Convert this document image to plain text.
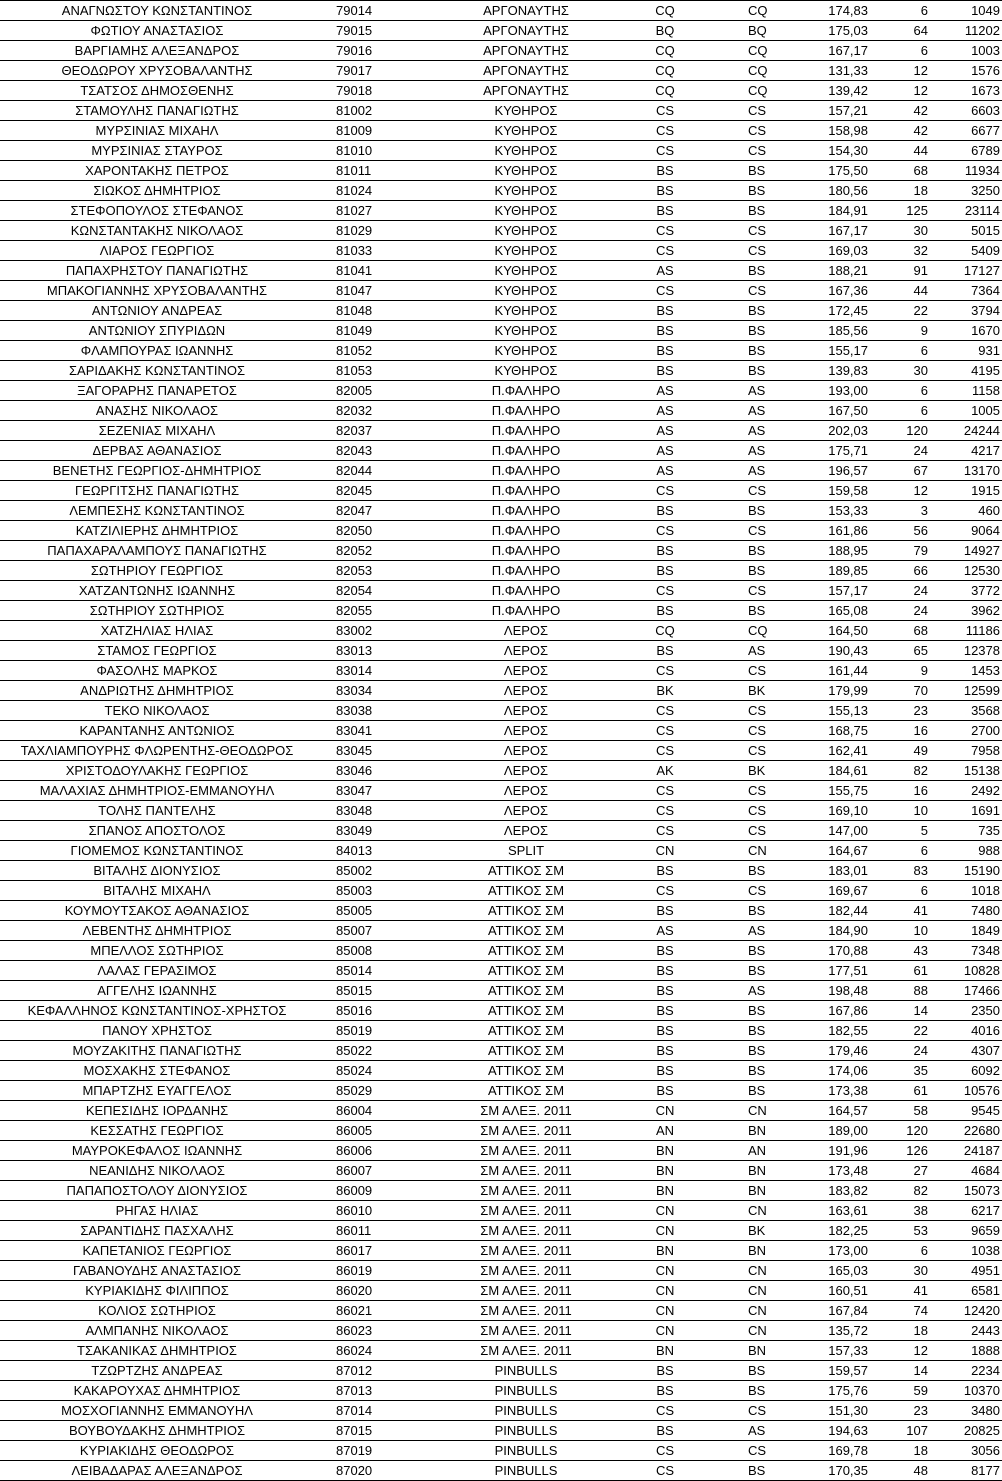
ΑΝΑΓΝΩΣΤΟΥ ΚΩΝΣΤΑΝΤΙΝΟΣ	79014	ΑΡΓΟΝΑΥΤΗΣ	CQ	CQ	174,83	6	1049
ΦΩΤΙΟΥ ΑΝΑΣΤΑΣΙΟΣ	79015	ΑΡΓΟΝΑΥΤΗΣ	BQ	BQ	175,03	64	11202
ΒΑΡΓΙΑΜΗΣ ΑΛΕΞΑΝΔΡΟΣ	79016	ΑΡΓΟΝΑΥΤΗΣ	CQ	CQ	167,17	6	1003
ΘΕΟΔΩΡΟΥ ΧΡΥΣΟΒΑΛΑΝΤΗΣ	79017	ΑΡΓΟΝΑΥΤΗΣ	CQ	CQ	131,33	12	1576
ΤΣΑΤΣΟΣ ΔΗΜΟΣΘΕΝΗΣ	79018	ΑΡΓΟΝΑΥΤΗΣ	CQ	CQ	139,42	12	1673
ΣΤΑΜΟΥΛΗΣ ΠΑΝΑΓΙΩΤΗΣ	81002	ΚΥΘΗΡΟΣ	CS	CS	157,21	42	6603
ΜΥΡΣΙΝΙΑΣ ΜΙΧΑΗΛ	81009	ΚΥΘΗΡΟΣ	CS	CS	158,98	42	6677
ΜΥΡΣΙΝΙΑΣ ΣΤΑΥΡΟΣ	81010	ΚΥΘΗΡΟΣ	CS	CS	154,30	44	6789
ΧΑΡΟΝΤΑΚΗΣ ΠΕΤΡΟΣ	81011	ΚΥΘΗΡΟΣ	BS	BS	175,50	68	11934
ΣΙΩΚΟΣ ΔΗΜΗΤΡΙΟΣ	81024	ΚΥΘΗΡΟΣ	BS	BS	180,56	18	3250
ΣΤΕΦΟΠΟΥΛΟΣ ΣΤΕΦΑΝΟΣ	81027	ΚΥΘΗΡΟΣ	BS	BS	184,91	125	23114
ΚΩΝΣΤΑΝΤΑΚΗΣ ΝΙΚΟΛΑΟΣ	81029	ΚΥΘΗΡΟΣ	CS	CS	167,17	30	5015
ΛΙΑΡΟΣ ΓΕΩΡΓΙΟΣ	81033	ΚΥΘΗΡΟΣ	CS	CS	169,03	32	5409
ΠΑΠΑΧΡΗΣΤΟΥ ΠΑΝΑΓΙΩΤΗΣ	81041	ΚΥΘΗΡΟΣ	AS	BS	188,21	91	17127
ΜΠΑΚΟΓΙΑΝΝΗΣ ΧΡΥΣΟΒΑΛΑΝΤΗΣ	81047	ΚΥΘΗΡΟΣ	CS	CS	167,36	44	7364
ΑΝΤΩΝΙΟΥ ΑΝΔΡΕΑΣ	81048	ΚΥΘΗΡΟΣ	BS	BS	172,45	22	3794
ΑΝΤΩΝΙΟΥ ΣΠΥΡΙΔΩΝ	81049	ΚΥΘΗΡΟΣ	BS	BS	185,56	9	1670
ΦΛΑΜΠΟΥΡΑΣ ΙΩΑΝΝΗΣ	81052	ΚΥΘΗΡΟΣ	BS	BS	155,17	6	931
ΣΑΡΙΔΑΚΗΣ ΚΩΝΣΤΑΝΤΙΝΟΣ	81053	ΚΥΘΗΡΟΣ	BS	BS	139,83	30	4195
ΞΑΓΟΡΑΡΗΣ ΠΑΝΑΡΕΤΟΣ	82005	Π.ΦΑΛΗΡΟ	AS	AS	193,00	6	1158
ΑΝΑΣΗΣ ΝΙΚΟΛΑΟΣ	82032	Π.ΦΑΛΗΡΟ	AS	AS	167,50	6	1005
ΣΕΖΕΝΙΑΣ ΜΙΧΑΗΛ	82037	Π.ΦΑΛΗΡΟ	AS	AS	202,03	120	24244
ΔΕΡΒΑΣ ΑΘΑΝΑΣΙΟΣ	82043	Π.ΦΑΛΗΡΟ	AS	AS	175,71	24	4217
ΒΕΝΕΤΗΣ ΓΕΩΡΓΙΟΣ-ΔΗΜΗΤΡΙΟΣ	82044	Π.ΦΑΛΗΡΟ	AS	AS	196,57	67	13170
ΓΕΩΡΓΙΤΣΗΣ ΠΑΝΑΓΙΩΤΗΣ	82045	Π.ΦΑΛΗΡΟ	CS	CS	159,58	12	1915
ΛΕΜΠΕΣΗΣ ΚΩΝΣΤΑΝΤΙΝΟΣ	82047	Π.ΦΑΛΗΡΟ	BS	BS	153,33	3	460
ΚΑΤΖΙΛΙΕΡΗΣ ΔΗΜΗΤΡΙΟΣ	82050	Π.ΦΑΛΗΡΟ	CS	CS	161,86	56	9064
ΠΑΠΑΧΑΡΑΛΑΜΠΟΥΣ ΠΑΝΑΓΙΩΤΗΣ	82052	Π.ΦΑΛΗΡΟ	BS	BS	188,95	79	14927
ΣΩΤΗΡΙΟΥ ΓΕΩΡΓΙΟΣ	82053	Π.ΦΑΛΗΡΟ	BS	BS	189,85	66	12530
ΧΑΤΖΑΝΤΩΝΗΣ ΙΩΑΝΝΗΣ	82054	Π.ΦΑΛΗΡΟ	CS	CS	157,17	24	3772
ΣΩΤΗΡΙΟΥ ΣΩΤΗΡΙΟΣ	82055	Π.ΦΑΛΗΡΟ	BS	BS	165,08	24	3962
ΧΑΤΖΗΛΙΑΣ ΗΛΙΑΣ	83002	ΛΕΡΟΣ	CQ	CQ	164,50	68	11186
ΣΤΑΜΟΣ ΓΕΩΡΓΙΟΣ	83013	ΛΕΡΟΣ	BS	AS	190,43	65	12378
ΦΑΣΟΛΗΣ ΜΑΡΚΟΣ	83014	ΛΕΡΟΣ	CS	CS	161,44	9	1453
ΑΝΔΡΙΩΤΗΣ ΔΗΜΗΤΡΙΟΣ	83034	ΛΕΡΟΣ	BK	BK	179,99	70	12599
ΤΕΚΟ ΝΙΚΟΛΑΟΣ	83038	ΛΕΡΟΣ	CS	CS	155,13	23	3568
ΚΑΡΑΝΤΑΝΗΣ ΑΝΤΩΝΙΟΣ	83041	ΛΕΡΟΣ	CS	CS	168,75	16	2700
ΤΑΧΛΙΑΜΠΟΥΡΗΣ ΦΛΩΡΕΝΤΗΣ-ΘΕΟΔΩΡΟΣ	83045	ΛΕΡΟΣ	CS	CS	162,41	49	7958
ΧΡΙΣΤΟΔΟΥΛΑΚΗΣ ΓΕΩΡΓΙΟΣ	83046	ΛΕΡΟΣ	AK	BK	184,61	82	15138
ΜΑΛΑΧΙΑΣ ΔΗΜΗΤΡΙΟΣ-ΕΜΜΑΝΟΥΗΛ	83047	ΛΕΡΟΣ	CS	CS	155,75	16	2492
ΤΟΛΗΣ ΠΑΝΤΕΛΗΣ	83048	ΛΕΡΟΣ	CS	CS	169,10	10	1691
ΣΠΑΝΟΣ ΑΠΟΣΤΟΛΟΣ	83049	ΛΕΡΟΣ	CS	CS	147,00	5	735
ΓΙΟΜΕΜΟΣ ΚΩΝΣΤΑΝΤΙΝΟΣ	84013	SPLIT	CN	CN	164,67	6	988
ΒΙΤΑΛΗΣ ΔΙΟΝΥΣΙΟΣ	85002	ΑΤΤΙΚΟΣ ΣΜ	BS	BS	183,01	83	15190
ΒΙΤΑΛΗΣ ΜΙΧΑΗΛ	85003	ΑΤΤΙΚΟΣ ΣΜ	CS	CS	169,67	6	1018
ΚΟΥΜΟΥΤΣΑΚΟΣ ΑΘΑΝΑΣΙΟΣ	85005	ΑΤΤΙΚΟΣ ΣΜ	BS	BS	182,44	41	7480
ΛΕΒΕΝΤΗΣ ΔΗΜΗΤΡΙΟΣ	85007	ΑΤΤΙΚΟΣ ΣΜ	AS	AS	184,90	10	1849
ΜΠΕΛΛΟΣ ΣΩΤΗΡΙΟΣ	85008	ΑΤΤΙΚΟΣ ΣΜ	BS	BS	170,88	43	7348
ΛΑΛΑΣ ΓΕΡΑΣΙΜΟΣ	85014	ΑΤΤΙΚΟΣ ΣΜ	BS	BS	177,51	61	10828
ΑΓΓΕΛΗΣ ΙΩΑΝΝΗΣ	85015	ΑΤΤΙΚΟΣ ΣΜ	BS	AS	198,48	88	17466
ΚΕΦΑΛΛΗΝΟΣ ΚΩΝΣΤΑΝΤΙΝΟΣ-ΧΡΗΣΤΟΣ	85016	ΑΤΤΙΚΟΣ ΣΜ	BS	BS	167,86	14	2350
ΠΑΝΟΥ ΧΡΗΣΤΟΣ	85019	ΑΤΤΙΚΟΣ ΣΜ	BS	BS	182,55	22	4016
ΜΟΥΖΑΚΙΤΗΣ ΠΑΝΑΓΙΩΤΗΣ	85022	ΑΤΤΙΚΟΣ ΣΜ	BS	BS	179,46	24	4307
ΜΟΣΧΑΚΗΣ ΣΤΕΦΑΝΟΣ	85024	ΑΤΤΙΚΟΣ ΣΜ	BS	BS	174,06	35	6092
ΜΠΑΡΤΖΗΣ ΕΥΑΓΓΕΛΟΣ	85029	ΑΤΤΙΚΟΣ ΣΜ	BS	BS	173,38	61	10576
ΚΕΠΕΣΙΔΗΣ ΙΟΡΔΑΝΗΣ	86004	ΣΜ ΑΛΕΞ. 2011	CN	CN	164,57	58	9545
ΚΕΣΣΑΤΗΣ ΓΕΩΡΓΙΟΣ	86005	ΣΜ ΑΛΕΞ. 2011	AN	BN	189,00	120	22680
ΜΑΥΡΟΚΕΦΑΛΟΣ ΙΩΑΝΝΗΣ	86006	ΣΜ ΑΛΕΞ. 2011	BN	AN	191,96	126	24187
ΝΕΑΝΙΔΗΣ ΝΙΚΟΛΑΟΣ	86007	ΣΜ ΑΛΕΞ. 2011	BN	BN	173,48	27	4684
ΠΑΠΑΠΟΣΤΟΛΟΥ ΔΙΟΝΥΣΙΟΣ	86009	ΣΜ ΑΛΕΞ. 2011	BN	BN	183,82	82	15073
ΡΗΓΑΣ ΗΛΙΑΣ	86010	ΣΜ ΑΛΕΞ. 2011	CN	CN	163,61	38	6217
ΣΑΡΑΝΤΙΔΗΣ ΠΑΣΧΑΛΗΣ	86011	ΣΜ ΑΛΕΞ. 2011	CN	BK	182,25	53	9659
ΚΑΠΕΤΑΝΙΟΣ ΓΕΩΡΓΙΟΣ	86017	ΣΜ ΑΛΕΞ. 2011	BN	BN	173,00	6	1038
ΓΑΒΑΝΟΥΔΗΣ ΑΝΑΣΤΑΣΙΟΣ	86019	ΣΜ ΑΛΕΞ. 2011	CN	CN	165,03	30	4951
ΚΥΡΙΑΚΙΔΗΣ ΦΙΛΙΠΠΟΣ	86020	ΣΜ ΑΛΕΞ. 2011	CN	CN	160,51	41	6581
ΚΟΛΙΟΣ ΣΩΤΗΡΙΟΣ	86021	ΣΜ ΑΛΕΞ. 2011	CN	CN	167,84	74	12420
ΑΛΜΠΑΝΗΣ ΝΙΚΟΛΑΟΣ	86023	ΣΜ ΑΛΕΞ. 2011	CN	CN	135,72	18	2443
ΤΣΑΚΑΝΙΚΑΣ ΔΗΜΗΤΡΙΟΣ	86024	ΣΜ ΑΛΕΞ. 2011	BN	BN	157,33	12	1888
ΤΖΩΡΤΖΗΣ ΑΝΔΡΕΑΣ	87012	PINBULLS	BS	BS	159,57	14	2234
ΚΑΚΑΡΟΥΧΑΣ ΔΗΜΗΤΡΙΟΣ	87013	PINBULLS	BS	BS	175,76	59	10370
ΜΟΣΧΟΓΙΑΝΝΗΣ ΕΜΜΑΝΟΥΗΛ	87014	PINBULLS	CS	CS	151,30	23	3480
ΒΟΥΒΟΥΔΑΚΗΣ ΔΗΜΗΤΡΙΟΣ	87015	PINBULLS	BS	AS	194,63	107	20825
ΚΥΡΙΑΚΙΔΗΣ ΘΕΟΔΩΡΟΣ	87019	PINBULLS	CS	CS	169,78	18	3056
ΛΕΙΒΑΔΑΡΑΣ ΑΛΕΞΑΝΔΡΟΣ	87020	PINBULLS	CS	BS	170,35	48	8177
